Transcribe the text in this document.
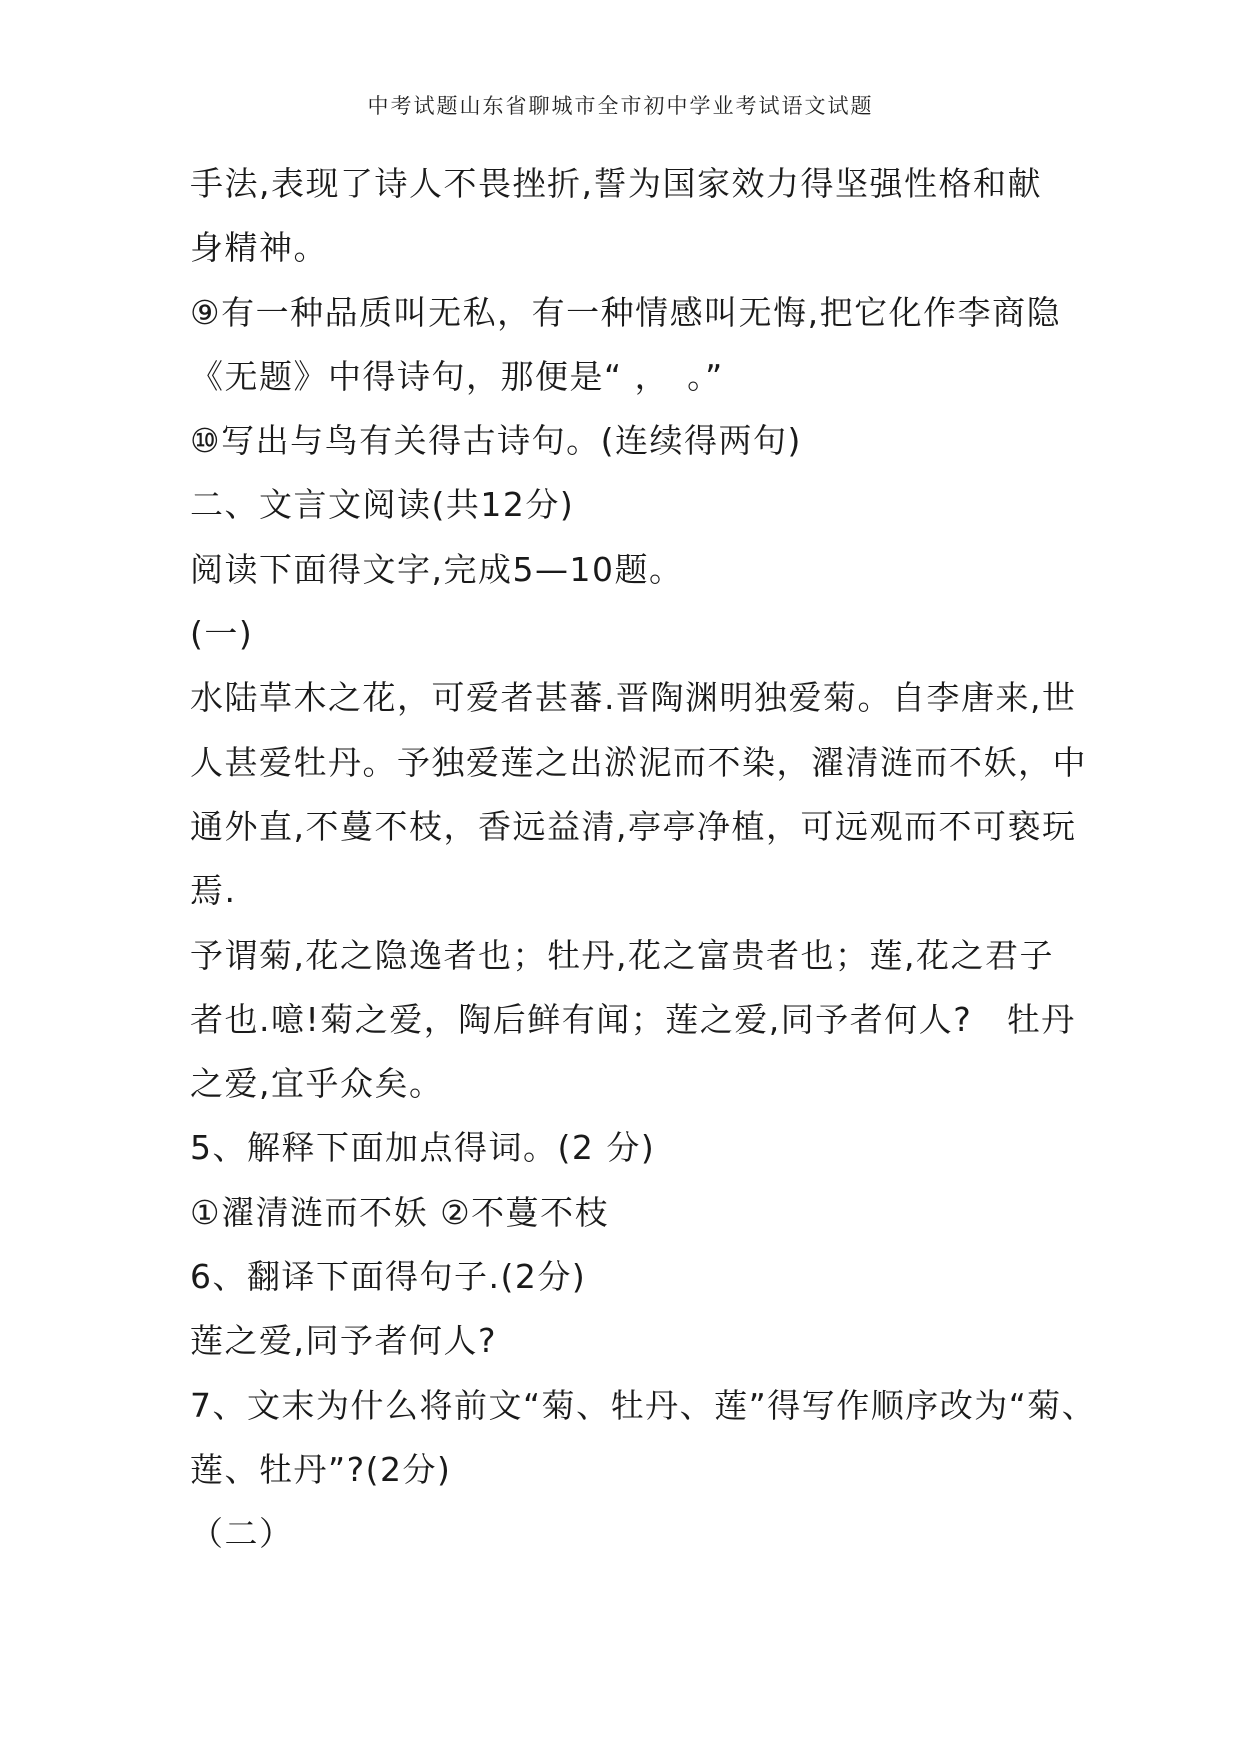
中考试题山东省聊城市全市初中学业考试语文试题
手法,表现了诗人不畏挫折,誓为国家效力得坚强性格和献
身精神。
⑨有一种品质叫无私，有一种情感叫无悔,把它化作李商隐
《无题》中得诗句，那便是“ ，　。”
⑩写出与鸟有关得古诗句。(连续得两句)
二、文言文阅读(共12分)
阅读下面得文字,完成5—10题。
(一)
水陆草木之花，可爱者甚蕃.晋陶渊明独爱菊。自李唐来,世
人甚爱牡丹。予独爱莲之出淤泥而不染，濯清涟而不妖，中
通外直,不蔓不枝，香远益清,亭亭净植，可远观而不可亵玩
焉.
予谓菊,花之隐逸者也；牡丹,花之富贵者也；莲,花之君子
者也.噫!菊之爱，陶后鲜有闻；莲之爱,同予者何人?　牡丹
之爱,宜乎众矣。
5、解释下面加点得词。(2 分)
①濯清涟而不妖 ②不蔓不枝
6、翻译下面得句子.(2分)
莲之爱,同予者何人?
7、文末为什么将前文“菊、牡丹、莲”得写作顺序改为“菊、
莲、牡丹”?(2分)
（二）
